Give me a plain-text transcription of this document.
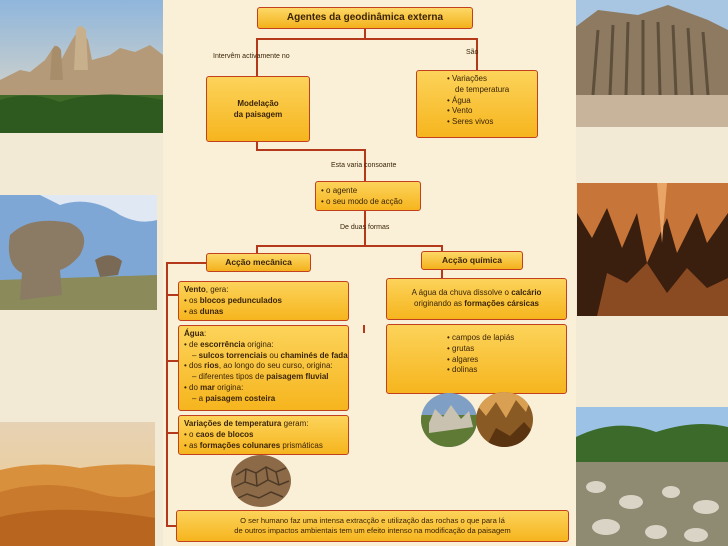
Agentes da geodinâmica externa
Intervêm activamente no
São
Modelação
da paisagem
• Variações
de temperatura
• Água
• Vento
• Seres vivos
Esta varia consoante
• o agente
• o seu modo de acção
De duas formas
Acção mecânica	Acção química
Vento, gera:
• os blocos pedunculados
• as dunas
Água:
• de escorrência origina:
– sulcos torrenciais ou chaminés de fada
• dos rios, ao longo do seu curso, origina:
– diferentes tipos de paisagem fluvial
• do mar origina:
– a paisagem costeira
Variações de temperatura geram:
• o caos de blocos
• as formações colunares prismáticas
A água da chuva dissolve o calcário
originando as formações cársicas
• campos de lapiás
• grutas
• algares
• dolinas
O ser humano faz uma intensa extracção e utilização das rochas o que para lá
de outros impactos ambientais tem um efeito intenso na modificação da paisagem
